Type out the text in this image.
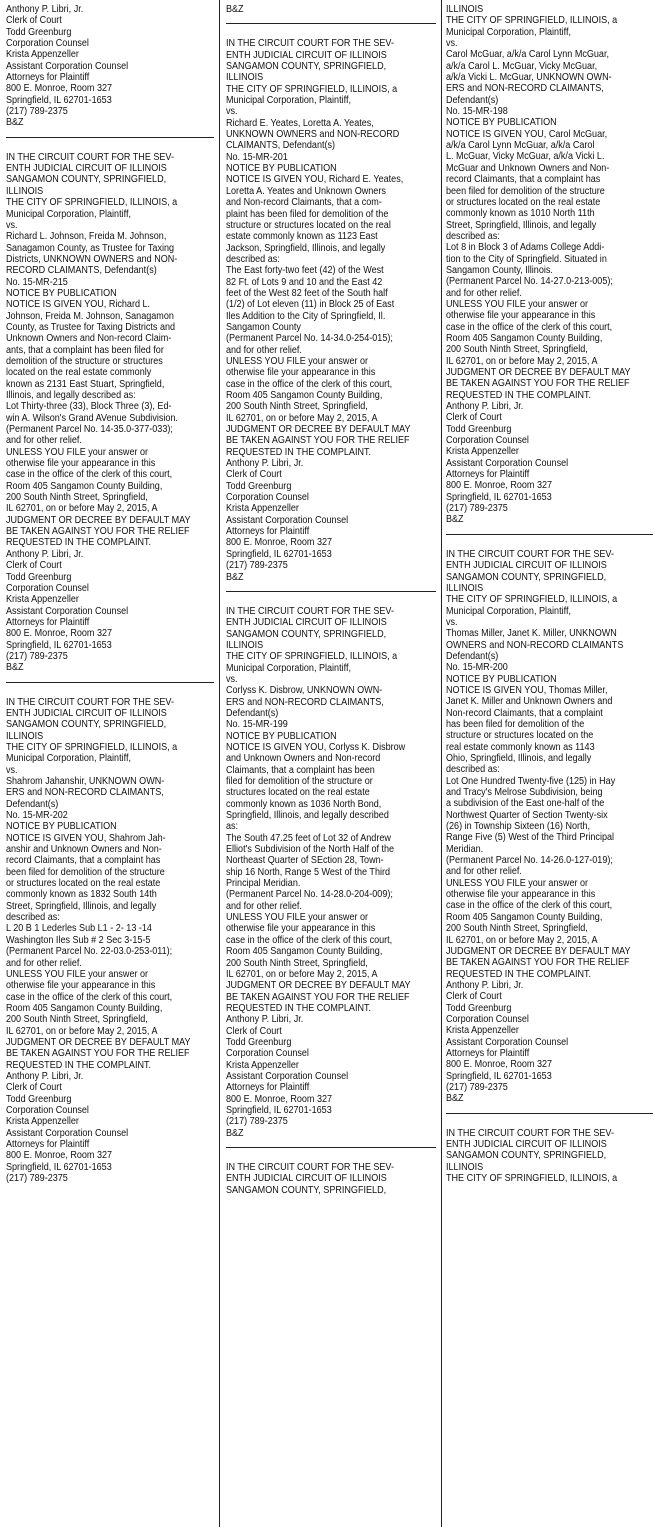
Anthony P. Libri, Jr.

Clerk of Court

Todd Greenburg

Corporation Counsel

Krista Appenzeller

Assistant Corporation Counsel

Attorneys for Plaintiff

800 E. Monroe, Room 327

Springfield, IL 62701-1653

(217) 789-2375

B&Z

IN THE CIRCUIT COURT FOR THE SEV-

ENTH JUDICIAL CIRCUIT OF ILLINOIS

SANGAMON COUNTY, SPRINGFIELD,

ILLINOIS

THE CITY OF SPRINGFIELD, ILLINOIS, a

Municipal Corporation, Plaintiff,

vs.

Richard L. Johnson, Freida M. Johnson,

Sanagamon County, as Trustee for Taxing

Districts, UNKNOWN OWNERS and NON-

RECORD CLAIMANTS, Defendant(s)

No. 15-MR-215

NOTICE BY PUBLICATION

NOTICE IS GIVEN YOU, Richard L.

Johnson, Freida M. Johnson, Sanagamon

County, as Trustee for Taxing Districts and

Unknown Owners and Non-record Claim-

ants, that a complaint has been filed for

demolition of the structure or structures

located on the real estate commonly

known as 2131 East Stuart, Springfield,

Illinois, and legally described as:

Lot Thirty-three (33), Block Three (3), Ed-

win A. Wilson's Grand AVenue Subdivision.

(Permanent Parcel No. 14-35.0-377-033);

and for other relief.

UNLESS YOU FILE your answer or

otherwise file your appearance in this

case in the office of the clerk of this court,

Room 405 Sangamon County Building,

200 South Ninth Street, Springfield,

IL 62701, on or before May 2, 2015, A

JUDGMENT OR DECREE BY DEFAULT MAY

BE TAKEN AGAINST YOU FOR THE RELIEF

REQUESTED IN THE COMPLAINT.

Anthony P. Libri, Jr.

Clerk of Court

Todd Greenburg

Corporation Counsel

Krista Appenzeller

Assistant Corporation Counsel

Attorneys for Plaintiff

800 E. Monroe, Room 327

Springfield, IL 62701-1653

(217) 789-2375

B&Z

IN THE CIRCUIT COURT FOR THE SEV-

ENTH JUDICIAL CIRCUIT OF ILLINOIS

SANGAMON COUNTY, SPRINGFIELD,

ILLINOIS

THE CITY OF SPRINGFIELD, ILLINOIS, a

Municipal Corporation, Plaintiff,

vs.

Shahrom Jahanshir, UNKNOWN OWN-

ERS and NON-RECORD CLAIMANTS,

Defendant(s)

No. 15-MR-202

NOTICE BY PUBLICATION

NOTICE IS GIVEN YOU, Shahrom Jah-

anshir and Unknown Owners and Non-

record Claimants, that a complaint has

been filed for demolition of the structure

or structures located on the real estate

commonly known as 1832 South 14th

Street, Springfield, Illinois, and legally

described as:

L 20 B 1 Lederles Sub L1 - 2- 13 -14

Washington Iles Sub # 2 Sec 3-15-5

(Permanent Parcel No. 22-03.0-253-011);

and for other relief.

UNLESS YOU FILE your answer or

otherwise file your appearance in this

case in the office of the clerk of this court,

Room 405 Sangamon County Building,

200 South Ninth Street, Springfield,

IL 62701, on or before May 2, 2015, A

JUDGMENT OR DECREE BY DEFAULT MAY

BE TAKEN AGAINST YOU FOR THE RELIEF

REQUESTED IN THE COMPLAINT.

Anthony P. Libri, Jr.

Clerk of Court

Todd Greenburg

Corporation Counsel

Krista Appenzeller

Assistant Corporation Counsel

Attorneys for Plaintiff

800 E. Monroe, Room 327

Springfield, IL 62701-1653

(217) 789-2375

B&Z

IN THE CIRCUIT COURT FOR THE SEV-

ENTH JUDICIAL CIRCUIT OF ILLINOIS

SANGAMON COUNTY, SPRINGFIELD,

ILLINOIS

THE CITY OF SPRINGFIELD, ILLINOIS, a

Municipal Corporation, Plaintiff,

vs.

Richard E. Yeates, Loretta A. Yeates,

UNKNOWN OWNERS and NON-RECORD

CLAIMANTS, Defendant(s)

No. 15-MR-201

NOTICE BY PUBLICATION

NOTICE IS GIVEN YOU, Richard E. Yeates,

Loretta A. Yeates and Unknown Owners

and Non-record Claimants, that a com-

plaint has been filed for demolition of the

structure or structures located on the real

estate commonly known as 1123 East

Jackson, Springfield, Illinois, and legally

described as:

The East forty-two feet (42) of the West

82 Ft. of Lots 9 and 10 and the East 42

feet of the West 82 feet of the South half

(1/2) of Lot eleven (11) in Block 25 of East

Iles Addition to the City of Springfield, Il.

Sangamon County

(Permanent Parcel No. 14-34.0-254-015);

and for other relief.

UNLESS YOU FILE your answer or

otherwise file your appearance in this

case in the office of the clerk of this court,

Room 405 Sangamon County Building,

200 South Ninth Street, Springfield,

IL 62701, on or before May 2, 2015, A

JUDGMENT OR DECREE BY DEFAULT MAY

BE TAKEN AGAINST YOU FOR THE RELIEF

REQUESTED IN THE COMPLAINT.

Anthony P. Libri, Jr.

Clerk of Court

Todd Greenburg

Corporation Counsel

Krista Appenzeller

Assistant Corporation Counsel

Attorneys for Plaintiff

800 E. Monroe, Room 327

Springfield, IL 62701-1653

(217) 789-2375

B&Z

IN THE CIRCUIT COURT FOR THE SEV-

ENTH JUDICIAL CIRCUIT OF ILLINOIS

SANGAMON COUNTY, SPRINGFIELD,

ILLINOIS

THE CITY OF SPRINGFIELD, ILLINOIS, a

Municipal Corporation, Plaintiff,

vs.

Corlyss K. Disbrow, UNKNOWN OWN-

ERS and NON-RECORD CLAIMANTS,

Defendant(s)

No. 15-MR-199

NOTICE BY PUBLICATION

NOTICE IS GIVEN YOU, Corlyss K. Disbrow

and Unknown Owners and Non-record

Claimants, that a complaint has been

filed for demolition of the structure or

structures located on the real estate

commonly known as 1036 North Bond,

Springfield, Illinois, and legally described

as:

The South 47.25 feet of Lot 32 of Andrew

Elliot's Subdivision of the North Half of the

Northeast Quarter of SEction 28, Town-

ship 16 North, Range 5 West of the Third

Principal Meridian.

(Permanent Parcel No. 14-28.0-204-009);

and for other relief.

UNLESS YOU FILE your answer or

otherwise file your appearance in this

case in the office of the clerk of this court,

Room 405 Sangamon County Building,

200 South Ninth Street, Springfield,

IL 62701, on or before May 2, 2015, A

JUDGMENT OR DECREE BY DEFAULT MAY

BE TAKEN AGAINST YOU FOR THE RELIEF

REQUESTED IN THE COMPLAINT.

Anthony P. Libri, Jr.

Clerk of Court

Todd Greenburg

Corporation Counsel

Krista Appenzeller

Assistant Corporation Counsel

Attorneys for Plaintiff

800 E. Monroe, Room 327

Springfield, IL 62701-1653

(217) 789-2375

B&Z

IN THE CIRCUIT COURT FOR THE SEV-

ENTH JUDICIAL CIRCUIT OF ILLINOIS

SANGAMON COUNTY, SPRINGFIELD,

ILLINOIS

THE CITY OF SPRINGFIELD, ILLINOIS, a

Municipal Corporation, Plaintiff,

vs.

Carol McGuar, a/k/a Carol Lynn McGuar,

a/k/a Carol L. McGuar, Vicky McGuar,

a/k/a Vicki L. McGuar, UNKNOWN OWN-

ERS and NON-RECORD CLAIMANTS,

Defendant(s)

No. 15-MR-198

NOTICE BY PUBLICATION

NOTICE IS GIVEN YOU, Carol McGuar,

a/k/a Carol Lynn McGuar, a/k/a Carol

L. McGuar, Vicky McGuar, a/k/a Vicki L.

McGuar and Unknown Owners and Non-

record Claimants, that a complaint has

been filed for demolition of the structure

or structures located on the real estate

commonly known as 1010 North 11th

Street, Springfield, Illinois, and legally

described as:

Lot 8 in Block 3 of Adams College Addi-

tion to the City of Springfield. Situated in

Sangamon County, Illinois.

(Permanent Parcel No. 14-27.0-213-005);

and for other relief.

UNLESS YOU FILE your answer or

otherwise file your appearance in this

case in the office of the clerk of this court,

Room 405 Sangamon County Building,

200 South Ninth Street, Springfield,

IL 62701, on or before May 2, 2015, A

JUDGMENT OR DECREE BY DEFAULT MAY

BE TAKEN AGAINST YOU FOR THE RELIEF

REQUESTED IN THE COMPLAINT.

Anthony P. Libri, Jr.

Clerk of Court

Todd Greenburg

Corporation Counsel

Krista Appenzeller

Assistant Corporation Counsel

Attorneys for Plaintiff

800 E. Monroe, Room 327

Springfield, IL 62701-1653

(217) 789-2375

B&Z

IN THE CIRCUIT COURT FOR THE SEV-

ENTH JUDICIAL CIRCUIT OF ILLINOIS

SANGAMON COUNTY, SPRINGFIELD,

ILLINOIS

THE CITY OF SPRINGFIELD, ILLINOIS, a

Municipal Corporation, Plaintiff,

vs.

Thomas Miller, Janet K. Miller, UNKNOWN

OWNERS and NON-RECORD CLAIMANTS

Defendant(s)

No. 15-MR-200

NOTICE BY PUBLICATION

NOTICE IS GIVEN YOU, Thomas Miller,

Janet K. Miller and Unknown Owners and

Non-record Claimants, that a complaint

has been filed for demolition of the

structure or structures located on the

real estate commonly known as 1143

Ohio, Springfield, Illinois, and legally

described as:

Lot One Hundred Twenty-five (125) in Hay

and Tracy's Melrose Subdivision, being

a subdivision of the East one-half of the

Northwest Quarter of Section Twenty-six

(26) in Township Sixteen (16) North,

Range Five (5) West of the Third Principal

Meridian.

(Permanent Parcel No. 14-26.0-127-019);

and for other relief.

UNLESS YOU FILE your answer or

otherwise file your appearance in this

case in the office of the clerk of this court,

Room 405 Sangamon County Building,

200 South Ninth Street, Springfield,

IL 62701, on or before May 2, 2015, A

JUDGMENT OR DECREE BY DEFAULT MAY

BE TAKEN AGAINST YOU FOR THE RELIEF

REQUESTED IN THE COMPLAINT.

Anthony P. Libri, Jr.

Clerk of Court

Todd Greenburg

Corporation Counsel

Krista Appenzeller

Assistant Corporation Counsel

Attorneys for Plaintiff

800 E. Monroe, Room 327

Springfield, IL 62701-1653

(217) 789-2375

B&Z

IN THE CIRCUIT COURT FOR THE SEV-

ENTH JUDICIAL CIRCUIT OF ILLINOIS

SANGAMON COUNTY, SPRINGFIELD,

ILLINOIS

THE CITY OF SPRINGFIELD, ILLINOIS, a
